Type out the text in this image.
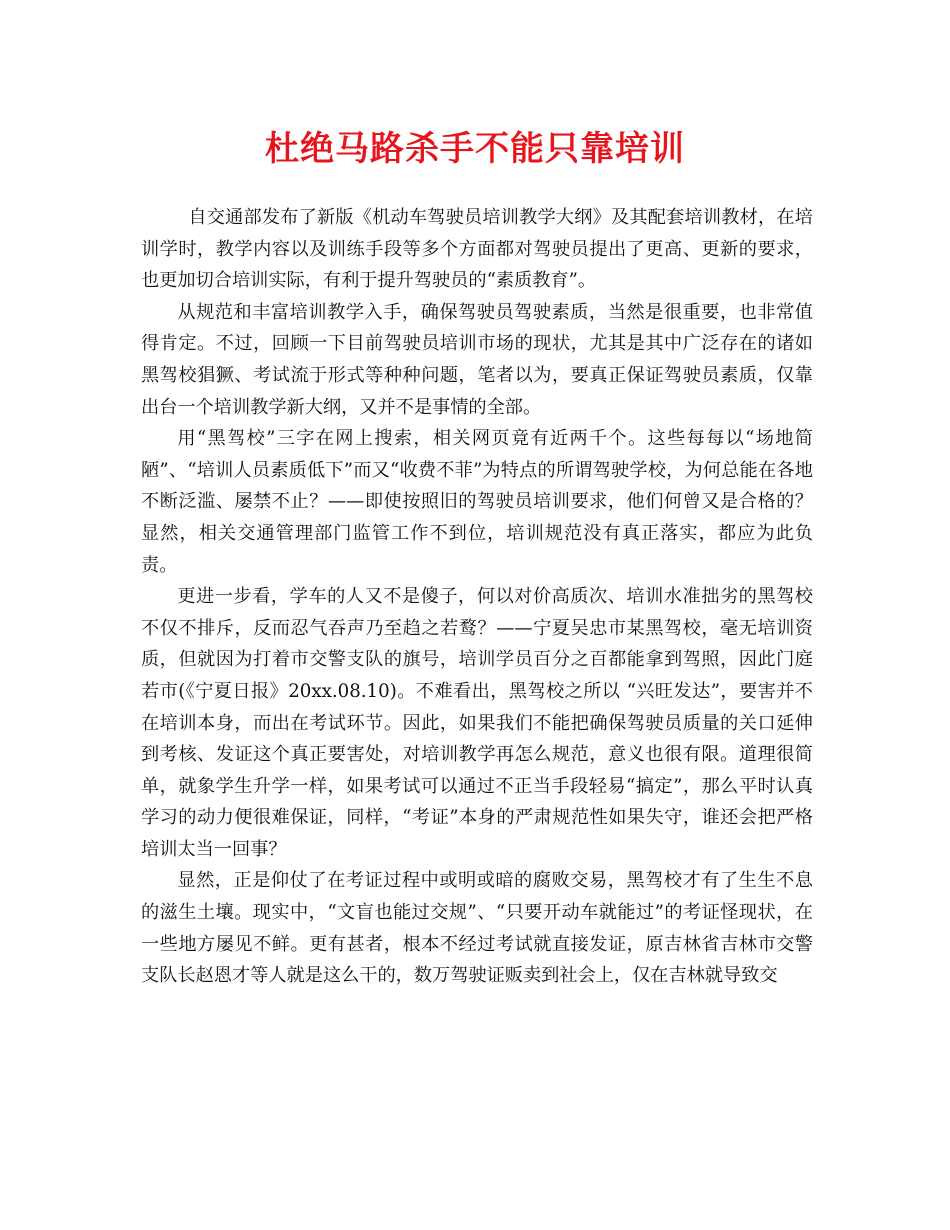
杜绝马路杀手不能只靠培训

自交通部发布了新版《机动车驾驶员培训教学大纲》及其配套培训教材，在培训学时，教学内容以及训练手段等多个方面都对驾驶员提出了更高、更新的要求，也更加切合培训实际，有利于提升驾驶员的“素质教育”。

从规范和丰富培训教学入手，确保驾驶员驾驶素质，当然是很重要，也非常值得肯定。不过，回顾一下目前驾驶员培训市场的现状，尤其是其中广泛存在的诸如黑驾校猖獗、考试流于形式等种种问题，笔者以为，要真正保证驾驶员素质，仅靠出台一个培训教学新大纲，又并不是事情的全部。

用“黑驾校”三字在网上搜索，相关网页竟有近两千个。这些每每以“场地简陋”、“培训人员素质低下”而又“收费不菲”为特点的所谓驾驶学校，为何总能在各地不断泛滥、屡禁不止？——即使按照旧的驾驶员培训要求，他们何曾又是合格的？显然，相关交通管理部门监管工作不到位，培训规范没有真正落实，都应为此负责。

更进一步看，学车的人又不是傻子，何以对价高质次、培训水准拙劣的黑驾校不仅不排斥，反而忍气吞声乃至趋之若鹜？——宁夏吴忠市某黑驾校，毫无培训资质，但就因为打着市交警支队的旗号，培训学员百分之百都能拿到驾照，因此门庭若市(《宁夏日报》20xx.08.10)。不难看出，黑驾校之所以 “兴旺发达”，要害并不在培训本身，而出在考试环节。因此，如果我们不能把确保驾驶员质量的关口延伸到考核、发证这个真正要害处，对培训教学再怎么规范，意义也很有限。道理很简单，就象学生升学一样，如果考试可以通过不正当手段轻易“搞定”，那么平时认真学习的动力便很难保证，同样，“考证”本身的严肃规范性如果失守，谁还会把严格培训太当一回事？

显然，正是仰仗了在考证过程中或明或暗的腐败交易，黑驾校才有了生生不息的滋生土壤。现实中，“文盲也能过交规”、“只要开动车就能过”的考证怪现状，在一些地方屡见不鲜。更有甚者，根本不经过考试就直接发证，原吉林省吉林市交警支队长赵恩才等人就是这么干的，数万驾驶证贩卖到社会上，仅在吉林就导致交
